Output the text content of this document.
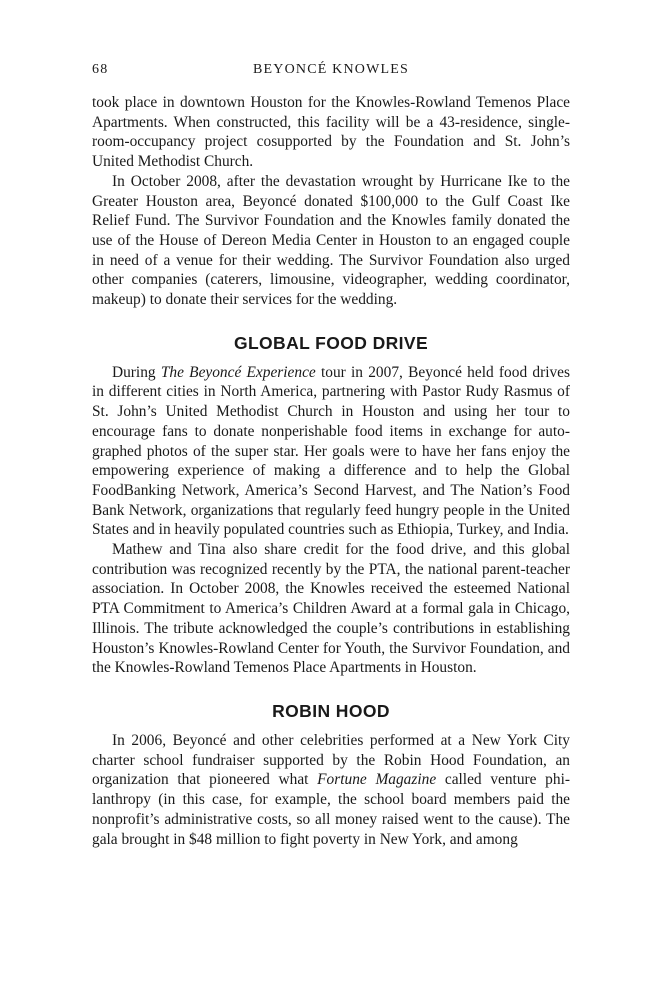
68	BEYONCÉ KNOWLES

took place in downtown Houston for the Knowles-Rowland Temenos Place Apartments. When constructed, this facility will be a 43-residence, single-room-occupancy project cosupported by the Foundation and St. John’s United Methodist Church.

In October 2008, after the devastation wrought by Hurricane Ike to the Greater Houston area, Beyoncé donated $100,000 to the Gulf Coast Ike Relief Fund. The Survivor Foundation and the Knowles family donated the use of the House of Dereon Media Center in Houston to an engaged couple in need of a venue for their wedding. The Survivor Foundation also urged other companies (caterers, limousine, videographer, wedding coordinator, makeup) to donate their services for the wedding.

GLOBAL FOOD DRIVE

During The Beyoncé Experience tour in 2007, Beyoncé held food drives in different cities in North America, partnering with Pastor Rudy Rasmus of St. John’s United Methodist Church in Houston and using her tour to encourage fans to donate nonperishable food items in exchange for autographed photos of the super star. Her goals were to have her fans enjoy the empowering experience of making a difference and to help the Global FoodBanking Network, America’s Second Harvest, and The Nation’s Food Bank Network, organizations that regularly feed hungry people in the United States and in heavily populated countries such as Ethiopia, Turkey, and India.

Mathew and Tina also share credit for the food drive, and this global contribution was recognized recently by the PTA, the national parent-teacher association. In October 2008, the Knowles received the esteemed National PTA Commitment to America’s Children Award at a formal gala in Chicago, Illinois. The tribute acknowledged the couple’s contributions in establishing Houston’s Knowles-Rowland Center for Youth, the Survivor Foundation, and the Knowles-Rowland Temenos Place Apartments in Houston.

ROBIN HOOD

In 2006, Beyoncé and other celebrities performed at a New York City charter school fundraiser supported by the Robin Hood Foundation, an organization that pioneered what Fortune Magazine called venture philanthropy (in this case, for example, the school board members paid the nonprofit’s administrative costs, so all money raised went to the cause). The gala brought in $48 million to fight poverty in New York, and among
